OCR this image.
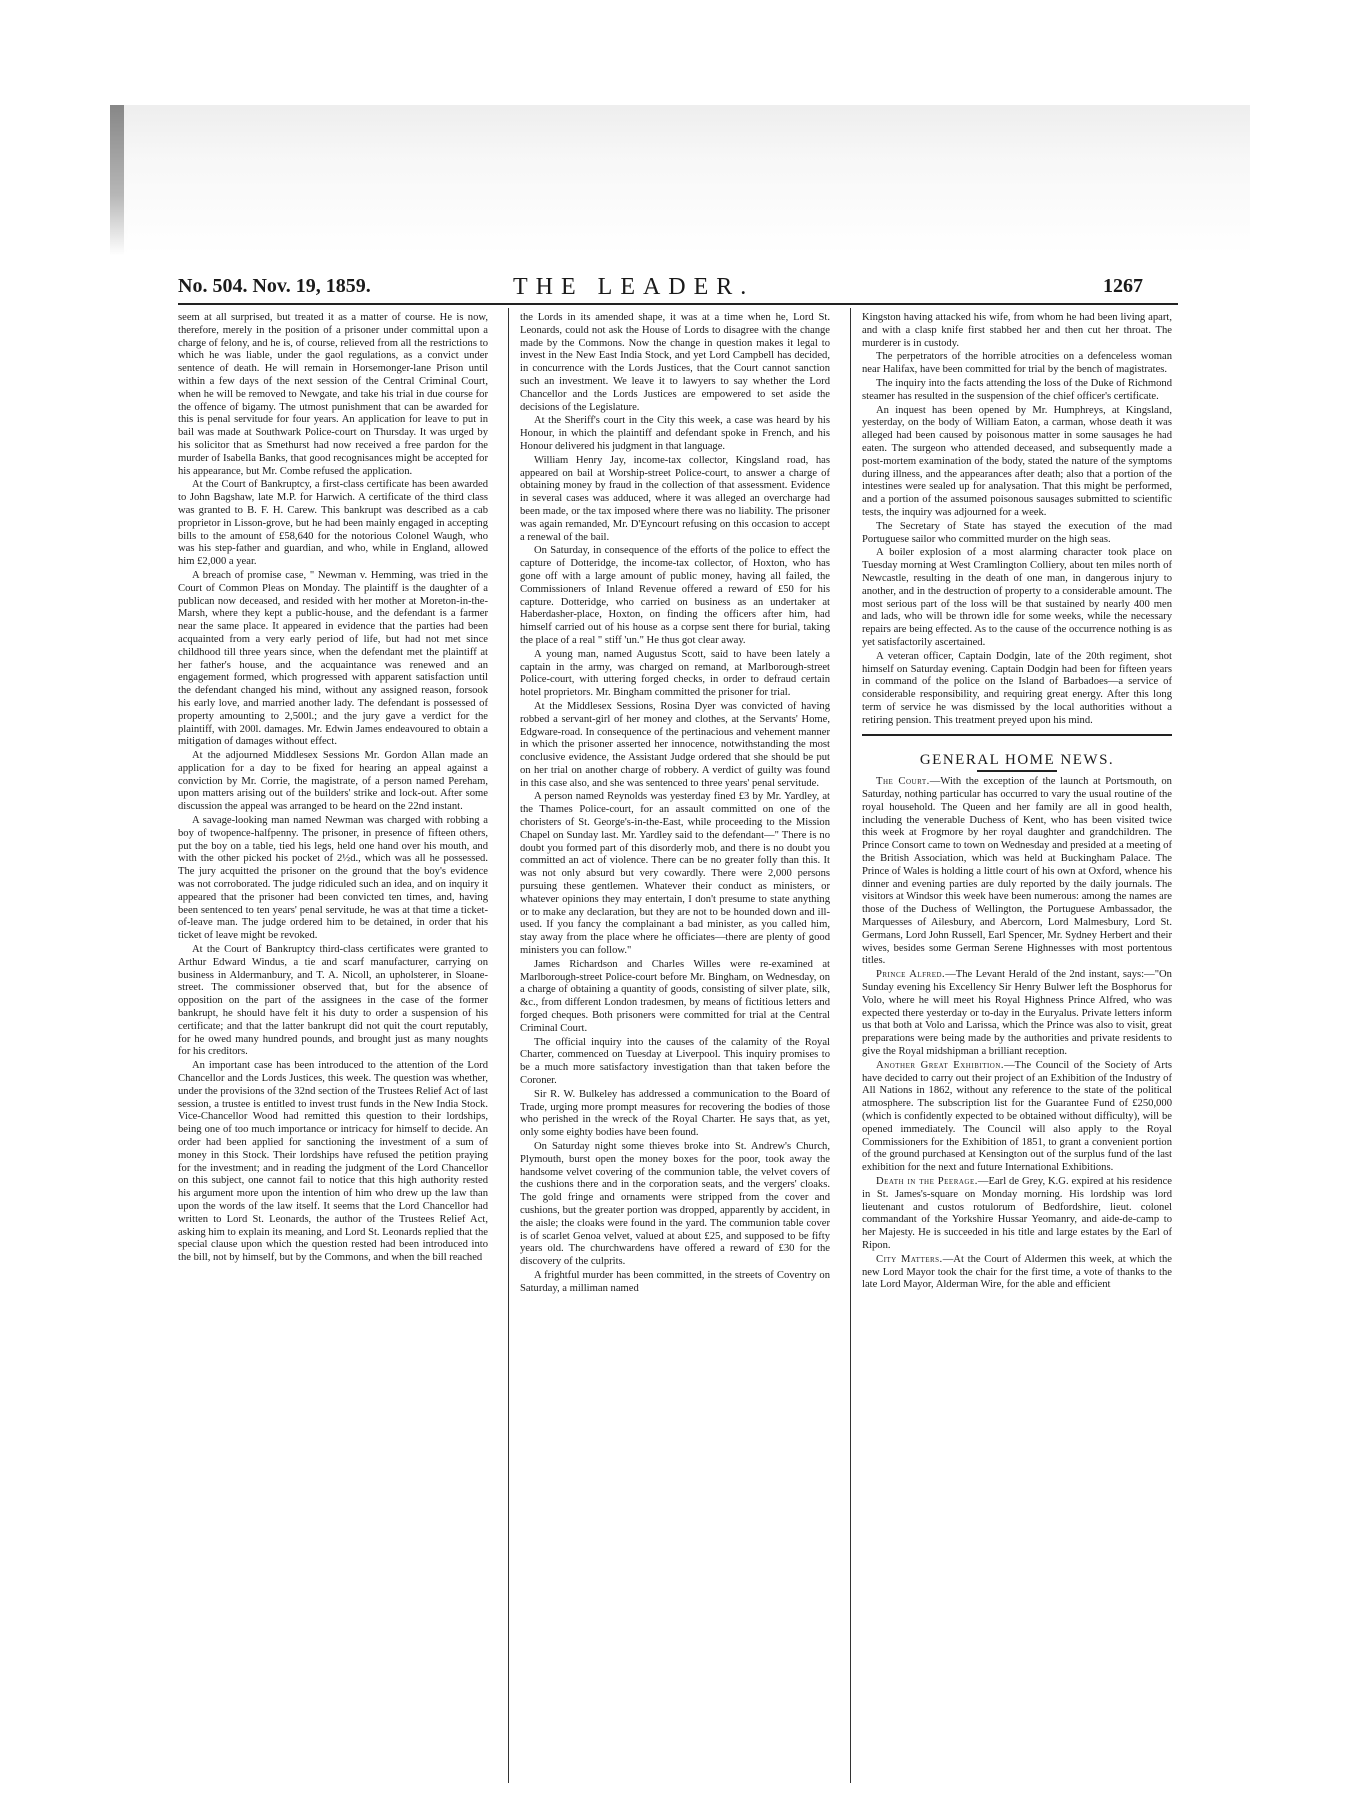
No. 504. Nov. 19, 1859.	THE LEADER.	1267

seem at all surprised, but treated it as a matter of course. He is now, therefore, merely in the position of a prisoner under committal upon a charge of felony, and he is, of course, relieved from all the restrictions to which he was liable, under the gaol regulations, as a convict under sentence of death. He will remain in Horsemonger-lane Prison until within a few days of the next session of the Central Criminal Court, when he will be removed to Newgate, and take his trial in due course for the offence of bigamy. The utmost punishment that can be awarded for this is penal servitude for four years. An application for leave to put in bail was made at Southwark Police-court on Thursday. It was urged by his solicitor that as Smethurst had now received a free pardon for the murder of Isabella Banks, that good recognisances might be accepted for his appearance, but Mr. Combe refused the application.

At the Court of Bankruptcy, a first-class certificate has been awarded to John Bagshaw, late M.P. for Harwich. A certificate of the third class was granted to B. F. H. Carew. This bankrupt was described as a cab proprietor in Lisson-grove, but he had been mainly engaged in accepting bills to the amount of £58,640 for the notorious Colonel Waugh, who was his step-father and guardian, and who, while in England, allowed him £2,000 a year.

A breach of promise case, " Newman v. Hemming, was tried in the Court of Common Pleas on Monday. The plaintiff is the daughter of a publican now deceased, and resided with her mother at Moreton-in-the-Marsh, where they kept a public-house, and the defendant is a farmer near the same place. It appeared in evidence that the parties had been acquainted from a very early period of life, but had not met since childhood till three years since, when the defendant met the plaintiff at her father's house, and the acquaintance was renewed and an engagement formed, which progressed with apparent satisfaction until the defendant changed his mind, without any assigned reason, forsook his early love, and married another lady. The defendant is possessed of property amounting to 2,500l.; and the jury gave a verdict for the plaintiff, with 200l. damages. Mr. Edwin James endeavoured to obtain a mitigation of damages without effect.

At the adjourned Middlesex Sessions Mr. Gordon Allan made an application for a day to be fixed for hearing an appeal against a conviction by Mr. Corrie, the magistrate, of a person named Pereham, upon matters arising out of the builders' strike and lock-out. After some discussion the appeal was arranged to be heard on the 22nd instant.

A savage-looking man named Newman was charged with robbing a boy of twopence-halfpenny. The prisoner, in presence of fifteen others, put the boy on a table, tied his legs, held one hand over his mouth, and with the other picked his pocket of 2½d., which was all he possessed. The jury acquitted the prisoner on the ground that the boy's evidence was not corroborated. The judge ridiculed such an idea, and on inquiry it appeared that the prisoner had been convicted ten times, and, having been sentenced to ten years' penal servitude, he was at that time a ticket-of-leave man. The judge ordered him to be detained, in order that his ticket of leave might be revoked.

At the Court of Bankruptcy third-class certificates were granted to Arthur Edward Windus, a tie and scarf manufacturer, carrying on business in Aldermanbury, and T. A. Nicoll, an upholsterer, in Sloane-street. The commissioner observed that, but for the absence of opposition on the part of the assignees in the case of the former bankrupt, he should have felt it his duty to order a suspension of his certificate; and that the latter bankrupt did not quit the court reputably, for he owed many hundred pounds, and brought just as many noughts for his creditors.

An important case has been introduced to the attention of the Lord Chancellor and the Lords Justices, this week. The question was whether, under the provisions of the 32nd section of the Trustees Relief Act of last session, a trustee is entitled to invest trust funds in the New India Stock. Vice-Chancellor Wood had remitted this question to their lordships, being one of too much importance or intricacy for himself to decide. An order had been applied for sanctioning the investment of a sum of money in this Stock. Their lordships have refused the petition praying for the investment; and in reading the judgment of the Lord Chancellor on this subject, one cannot fail to notice that this high authority rested his argument more upon the intention of him who drew up the law than upon the words of the law itself. It seems that the Lord Chancellor had written to Lord St. Leonards, the author of the Trustees Relief Act, asking him to explain its meaning, and Lord St. Leonards replied that the special clause upon which the question rested had been introduced into the bill, not by himself, but by the Commons, and when the bill reached

the Lords in its amended shape, it was at a time when he, Lord St. Leonards, could not ask the House of Lords to disagree with the change made by the Commons. Now the change in question makes it legal to invest in the New East India Stock, and yet Lord Campbell has decided, in concurrence with the Lords Justices, that the Court cannot sanction such an investment. We leave it to lawyers to say whether the Lord Chancellor and the Lords Justices are empowered to set aside the decisions of the Legislature.

At the Sheriff's court in the City this week, a case was heard by his Honour, in which the plaintiff and defendant spoke in French, and his Honour delivered his judgment in that language.

William Henry Jay, income-tax collector, Kingsland road, has appeared on bail at Worship-street Police-court, to answer a charge of obtaining money by fraud in the collection of that assessment. Evidence in several cases was adduced, where it was alleged an overcharge had been made, or the tax imposed where there was no liability. The prisoner was again remanded, Mr. D'Eyncourt refusing on this occasion to accept a renewal of the bail.

On Saturday, in consequence of the efforts of the police to effect the capture of Dotteridge, the income-tax collector, of Hoxton, who has gone off with a large amount of public money, having all failed, the Commissioners of Inland Revenue offered a reward of £50 for his capture. Dotteridge, who carried on business as an undertaker at Haberdasher-place, Hoxton, on finding the officers after him, had himself carried out of his house as a corpse sent there for burial, taking the place of a real " stiff 'un." He thus got clear away.

A young man, named Augustus Scott, said to have been lately a captain in the army, was charged on remand, at Marlborough-street Police-court, with uttering forged checks, in order to defraud certain hotel proprietors. Mr. Bingham committed the prisoner for trial.

At the Middlesex Sessions, Rosina Dyer was convicted of having robbed a servant-girl of her money and clothes, at the Servants' Home, Edgware-road. In consequence of the pertinacious and vehement manner in which the prisoner asserted her innocence, notwithstanding the most conclusive evidence, the Assistant Judge ordered that she should be put on her trial on another charge of robbery. A verdict of guilty was found in this case also, and she was sentenced to three years' penal servitude.

A person named Reynolds was yesterday fined £3 by Mr. Yardley, at the Thames Police-court, for an assault committed on one of the choristers of St. George's-in-the-East, while proceeding to the Mission Chapel on Sunday last. Mr. Yardley said to the defendant—" There is no doubt you formed part of this disorderly mob, and there is no doubt you committed an act of violence. There can be no greater folly than this. It was not only absurd but very cowardly. There were 2,000 persons pursuing these gentlemen. Whatever their conduct as ministers, or whatever opinions they may entertain, I don't presume to state anything or to make any declaration, but they are not to be hounded down and ill-used. If you fancy the complainant a bad minister, as you called him, stay away from the place where he officiates—there are plenty of good ministers you can follow."

James Richardson and Charles Willes were re-examined at Marlborough-street Police-court before Mr. Bingham, on Wednesday, on a charge of obtaining a quantity of goods, consisting of silver plate, silk, &c., from different London tradesmen, by means of fictitious letters and forged cheques. Both prisoners were committed for trial at the Central Criminal Court.

The official inquiry into the causes of the calamity of the Royal Charter, commenced on Tuesday at Liverpool. This inquiry promises to be a much more satisfactory investigation than that taken before the Coroner.

Sir R. W. Bulkeley has addressed a communication to the Board of Trade, urging more prompt measures for recovering the bodies of those who perished in the wreck of the Royal Charter. He says that, as yet, only some eighty bodies have been found.

On Saturday night some thieves broke into St. Andrew's Church, Plymouth, burst open the money boxes for the poor, took away the handsome velvet covering of the communion table, the velvet covers of the cushions there and in the corporation seats, and the vergers' cloaks. The gold fringe and ornaments were stripped from the cover and cushions, but the greater portion was dropped, apparently by accident, in the aisle; the cloaks were found in the yard. The communion table cover is of scarlet Genoa velvet, valued at about £25, and supposed to be fifty years old. The churchwardens have offered a reward of £30 for the discovery of the culprits.

A frightful murder has been committed, in the streets of Coventry on Saturday, a milliman named

Kingston having attacked his wife, from whom he had been living apart, and with a clasp knife first stabbed her and then cut her throat. The murderer is in custody.

The perpetrators of the horrible atrocities on a defenceless woman near Halifax, have been committed for trial by the bench of magistrates.

The inquiry into the facts attending the loss of the Duke of Richmond steamer has resulted in the suspension of the chief officer's certificate.

An inquest has been opened by Mr. Humphreys, at Kingsland, yesterday, on the body of William Eaton, a carman, whose death it was alleged had been caused by poisonous matter in some sausages he had eaten. The surgeon who attended deceased, and subsequently made a post-mortem examination of the body, stated the nature of the symptoms during illness, and the appearances after death; also that a portion of the intestines were sealed up for analysation. That this might be performed, and a portion of the assumed poisonous sausages submitted to scientific tests, the inquiry was adjourned for a week.

The Secretary of State has stayed the execution of the mad Portuguese sailor who committed murder on the high seas.

A boiler explosion of a most alarming character took place on Tuesday morning at West Cramlington Colliery, about ten miles north of Newcastle, resulting in the death of one man, in dangerous injury to another, and in the destruction of property to a considerable amount. The most serious part of the loss will be that sustained by nearly 400 men and lads, who will be thrown idle for some weeks, while the necessary repairs are being effected. As to the cause of the occurrence nothing is as yet satisfactorily ascertained.

A veteran officer, Captain Dodgin, late of the 20th regiment, shot himself on Saturday evening. Captain Dodgin had been for fifteen years in command of the police on the Island of Barbadoes—a service of considerable responsibility, and requiring great energy. After this long term of service he was dismissed by the local authorities without a retiring pension. This treatment preyed upon his mind.

GENERAL HOME NEWS.

The Court.—With the exception of the launch at Portsmouth, on Saturday, nothing particular has occurred to vary the usual routine of the royal household. The Queen and her family are all in good health, including the venerable Duchess of Kent, who has been visited twice this week at Frogmore by her royal daughter and grandchildren. The Prince Consort came to town on Wednesday and presided at a meeting of the British Association, which was held at Buckingham Palace. The Prince of Wales is holding a little court of his own at Oxford, whence his dinner and evening parties are duly reported by the daily journals. The visitors at Windsor this week have been numerous: among the names are those of the Duchess of Wellington, the Portuguese Ambassador, the Marquesses of Ailesbury, and Abercorn, Lord Malmesbury, Lord St. Germans, Lord John Russell, Earl Spencer, Mr. Sydney Herbert and their wives, besides some German Serene Highnesses with most portentous titles.

Prince Alfred.—The Levant Herald of the 2nd instant, says:—"On Sunday evening his Excellency Sir Henry Bulwer left the Bosphorus for Volo, where he will meet his Royal Highness Prince Alfred, who was expected there yesterday or to-day in the Euryalus. Private letters inform us that both at Volo and Larissa, which the Prince was also to visit, great preparations were being made by the authorities and private residents to give the Royal midshipman a brilliant reception.

Another Great Exhibition.—The Council of the Society of Arts have decided to carry out their project of an Exhibition of the Industry of All Nations in 1862, without any reference to the state of the political atmosphere. The subscription list for the Guarantee Fund of £250,000 (which is confidently expected to be obtained without difficulty), will be opened immediately. The Council will also apply to the Royal Commissioners for the Exhibition of 1851, to grant a convenient portion of the ground purchased at Kensington out of the surplus fund of the last exhibition for the next and future International Exhibitions.

Death in the Peerage.—Earl de Grey, K.G. expired at his residence in St. James's-square on Monday morning. His lordship was lord lieutenant and custos rotulorum of Bedfordshire, lieut. colonel commandant of the Yorkshire Hussar Yeomanry, and aide-de-camp to her Majesty. He is succeeded in his title and large estates by the Earl of Ripon.

City Matters.—At the Court of Aldermen this week, at which the new Lord Mayor took the chair for the first time, a vote of thanks to the late Lord Mayor, Alderman Wire, for the able and efficient
